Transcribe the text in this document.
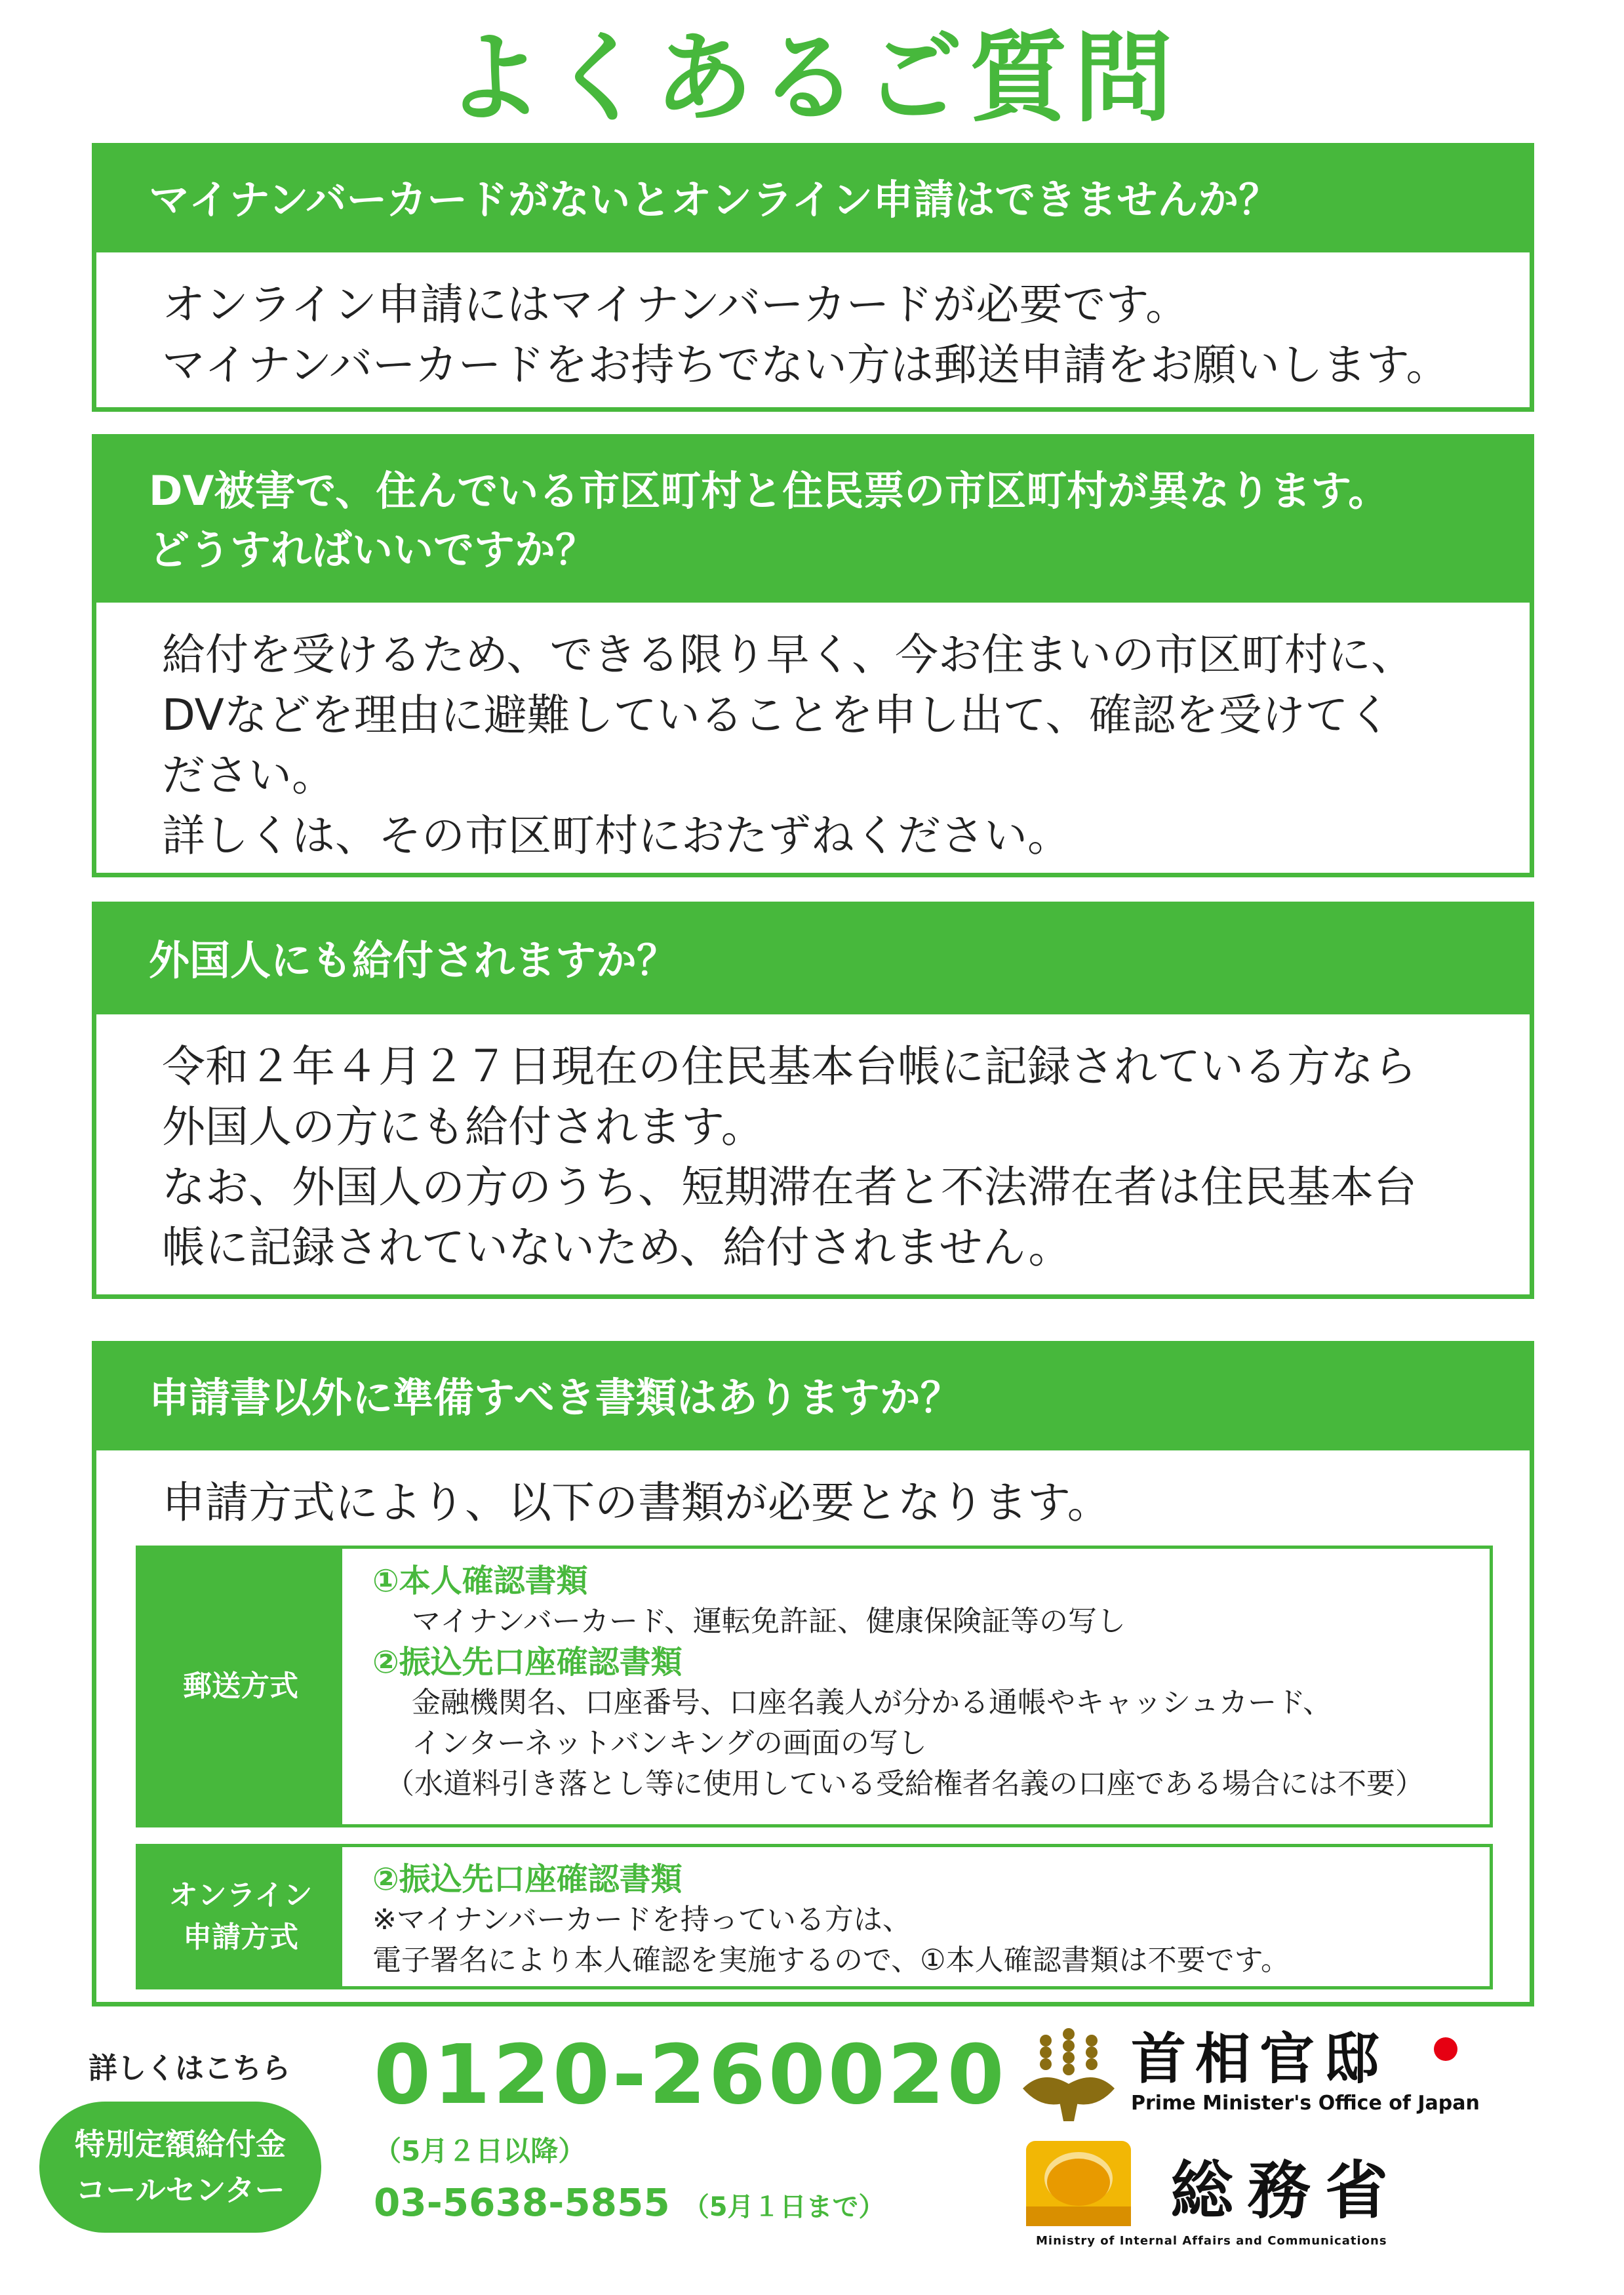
よくあるご質問
マイナンバーカードがないとオンライン申請はできませんか？
オンライン申請にはマイナンバーカードが必要です。
マイナンバーカードをお持ちでない方は郵送申請をお願いします。
DV被害で、住んでいる市区町村と住民票の市区町村が異なります。
どうすればいいですか？
給付を受けるため、できる限り早く、今お住まいの市区町村に、
DVなどを理由に避難していることを申し出て、確認を受けてく
ださい。
詳しくは、その市区町村におたずねください。
外国人にも給付されますか？
令和２年４月２７日現在の住民基本台帳に記録されている方なら
外国人の方にも給付されます。
なお、外国人の方のうち、短期滞在者と不法滞在者は住民基本台
帳に記録されていないため、給付されません。
申請書以外に準備すべき書類はありますか？
申請方式により、以下の書類が必要となります。
郵送方式
①本人確認書類
マイナンバーカード、運転免許証、健康保険証等の写し
②振込先口座確認書類
金融機関名、口座番号、口座名義人が分かる通帳やキャッシュカード、
インターネットバンキングの画面の写し
（水道料引き落とし等に使用している受給権者名義の口座である場合には不要）
オンライン
申請方式
②振込先口座確認書類
※マイナンバーカードを持っている方は、
電子署名により本人確認を実施するので、①本人確認書類は不要です。
詳しくはこちら
特別定額給付金
コールセンター
0120-260020
（5月２日以降）
03-5638-5855 （5月１日まで）
首相官邸
Prime Minister's Office of Japan
総務省
Ministry of Internal Affairs and Communications
